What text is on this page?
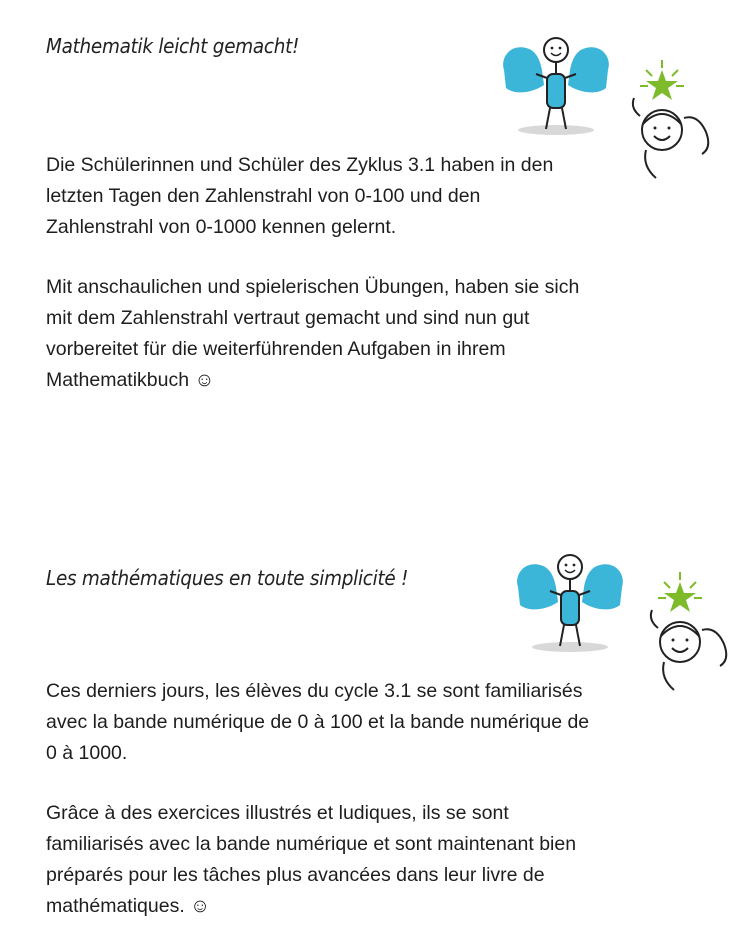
Mathematik leicht gemacht!

Die Schülerinnen und Schüler des Zyklus 3.1 haben in den
letzten Tagen den Zahlenstrahl von 0-100 und den
Zahlenstrahl von 0-1000 kennen gelernt.

Mit anschaulichen und spielerischen Übungen, haben sie sich
mit dem Zahlenstrahl vertraut gemacht und sind nun gut
vorbereitet für die weiterführenden Aufgaben in ihrem
Mathematikbuch ☺

Les mathématiques en toute simplicité !

Ces derniers jours, les élèves du cycle 3.1 se sont familiarisés
avec la bande numérique de 0 à 100 et la bande numérique de
0 à 1000.

Grâce à des exercices illustrés et ludiques, ils se sont
familiarisés avec la bande numérique et sont maintenant bien
préparés pour les tâches plus avancées dans leur livre de
mathématiques. ☺
